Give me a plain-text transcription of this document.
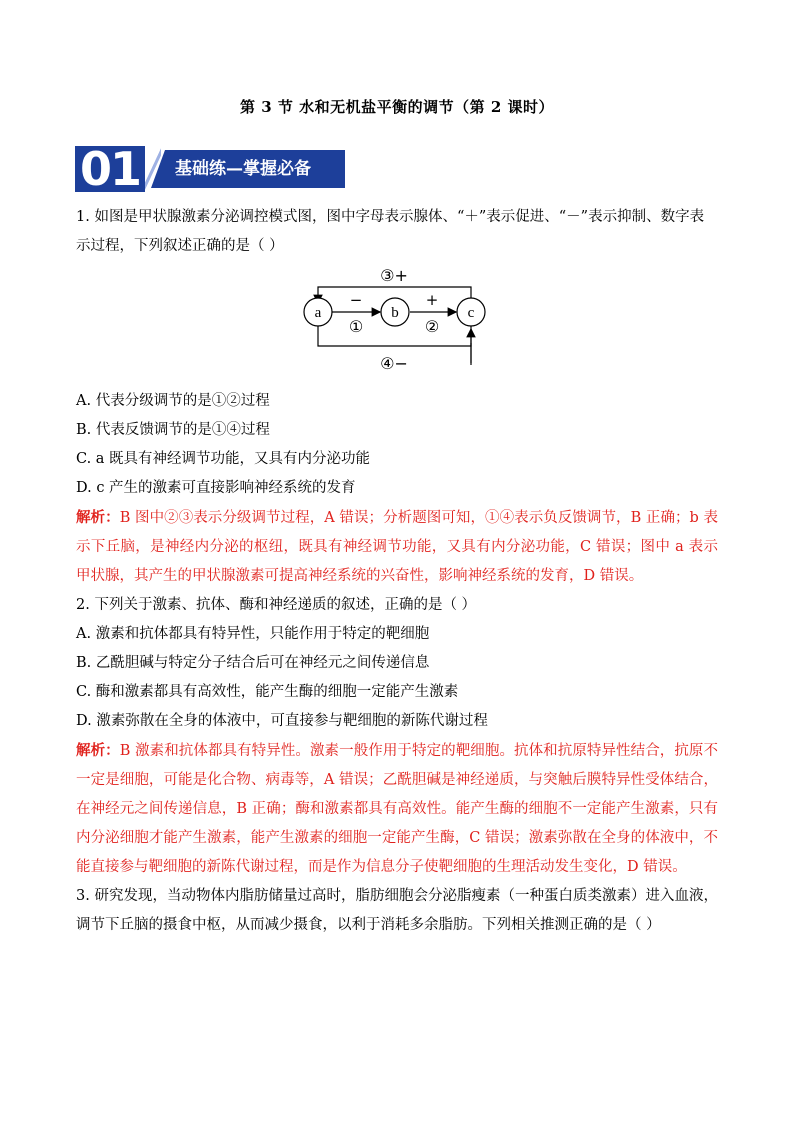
第 3 节 水和无机盐平衡的调节（第 2 课时）
01 基础练—掌握必备

1. 如图是甲状腺激素分泌调控模式图，图中字母表示腺体、“＋”表示促进、“－”表示抑制、数字表示过程，下列叙述正确的是（ ）

a	b	c
③+
④−
−	+
①	②

A. 代表分级调节的是①②过程

B. 代表反馈调节的是①④过程

C. a 既具有神经调节功能，又具有内分泌功能

D. c 产生的激素可直接影响神经系统的发育

解析：B 图中②③表示分级调节过程，A 错误；分析题图可知，①④表示负反馈调节，B 正确；b 表示下丘脑，是神经内分泌的枢纽，既具有神经调节功能，又具有内分泌功能，C 错误；图中 a 表示甲状腺，其产生的甲状腺激素可提高神经系统的兴奋性，影响神经系统的发育，D 错误。

2. 下列关于激素、抗体、酶和神经递质的叙述，正确的是（ ）

A. 激素和抗体都具有特异性，只能作用于特定的靶细胞

B. 乙酰胆碱与特定分子结合后可在神经元之间传递信息

C. 酶和激素都具有高效性，能产生酶的细胞一定能产生激素

D. 激素弥散在全身的体液中，可直接参与靶细胞的新陈代谢过程

解析：B 激素和抗体都具有特异性。激素一般作用于特定的靶细胞。抗体和抗原特异性结合，抗原不一定是细胞，可能是化合物、病毒等，A 错误；乙酰胆碱是神经递质，与突触后膜特异性受体结合，在神经元之间传递信息，B 正确；酶和激素都具有高效性。能产生酶的细胞不一定能产生激素，只有内分泌细胞才能产生激素，能产生激素的细胞一定能产生酶，C 错误；激素弥散在全身的体液中，不能直接参与靶细胞的新陈代谢过程，而是作为信息分子使靶细胞的生理活动发生变化，D 错误。

3. 研究发现，当动物体内脂肪储量过高时，脂肪细胞会分泌脂瘦素（一种蛋白质类激素）进入血液，调节下丘脑的摄食中枢，从而减少摄食，以利于消耗多余脂肪。下列相关推测正确的是（ ）
